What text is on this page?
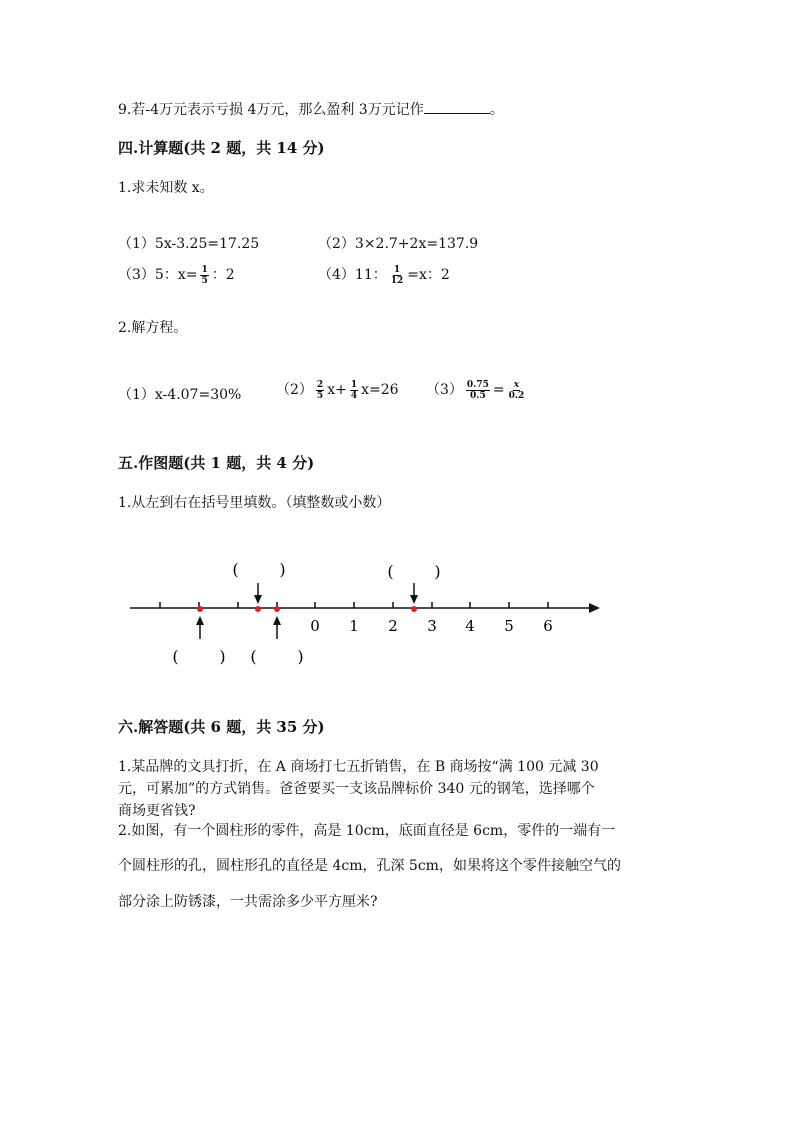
9.若-4万元表示亏损 4万元，那么盈利 3万元记作	。
四.计算题(共 2 题，共 14 分)
1.求未知数 x。
（1）5x-3.25=17.25	（2）3×2.7+2x=137.9
（3）5：$x= \frac{1}{5}$ ：2	（4）11： $\frac{1}{12} =x$：2
2.解方程。
（1）x-4.07=30% $(2) \frac{2}{5} x+ \frac{1}{4} x=26$ $(3) \frac{0.75}{0.5} = \frac{x}{0.2}$
五.作图题(共 1 题，共 4 分)
1.从左到右在括号里填数。（填整数或小数）
0 1 2 3 4 5 6
(        )	(        )
(        ) (        )
六.解答题(共 6 题，共 35 分)
1.某品牌的文具打折，在 A 商场打七五折销售，在 B 商场按“满 100 元减 30
元，可累加”的方式销售。爸爸要买一支该品牌标价 340 元的钢笔，选择哪个
商场更省钱?
2.如图，有一个圆柱形的零件，高是 10cm，底面直径是 6cm，零件的一端有一
个圆柱形的孔，圆柱形孔的直径是 4cm，孔深 5cm，如果将这个零件接触空气的
部分涂上防锈漆，一共需涂多少平方厘米?
